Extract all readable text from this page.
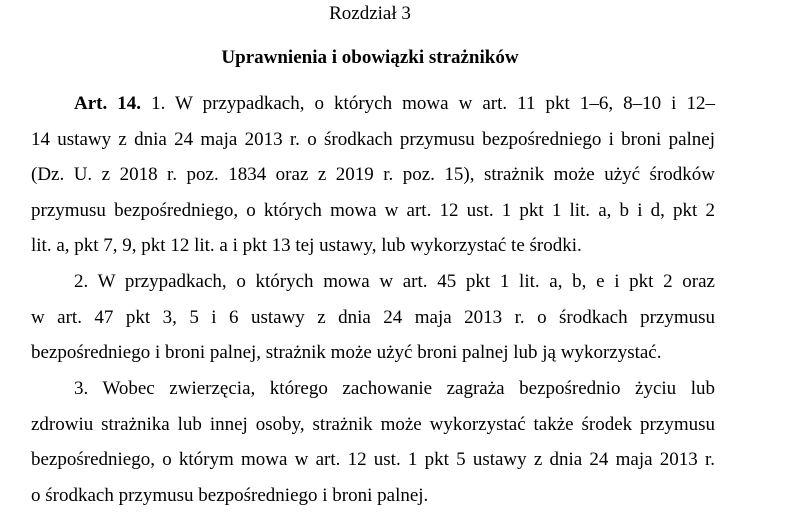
Rozdział 3
Uprawnienia i obowiązki strażników
Art. 14. 1. W przypadkach, o których mowa w art. 11 pkt 1–6, 8–10 i 12–
14 ustawy z dnia 24 maja 2013 r. o środkach przymusu bezpośredniego i broni palnej
(Dz. U. z 2018 r. poz. 1834 oraz z 2019 r. poz. 15), strażnik może użyć środków
przymusu bezpośredniego, o których mowa w art. 12 ust. 1 pkt 1 lit. a, b i d, pkt 2
lit. a, pkt 7, 9, pkt 12 lit. a i pkt 13 tej ustawy, lub wykorzystać te środki.
2. W przypadkach, o których mowa w art. 45 pkt 1 lit. a, b, e i pkt 2 oraz
w art. 47 pkt 3, 5 i 6 ustawy z dnia 24 maja 2013 r. o środkach przymusu
bezpośredniego i broni palnej, strażnik może użyć broni palnej lub ją wykorzystać.
3. Wobec zwierzęcia, którego zachowanie zagraża bezpośrednio życiu lub
zdrowiu strażnika lub innej osoby, strażnik może wykorzystać także środek przymusu
bezpośredniego, o którym mowa w art. 12 ust. 1 pkt 5 ustawy z dnia 24 maja 2013 r.
o środkach przymusu bezpośredniego i broni palnej.
